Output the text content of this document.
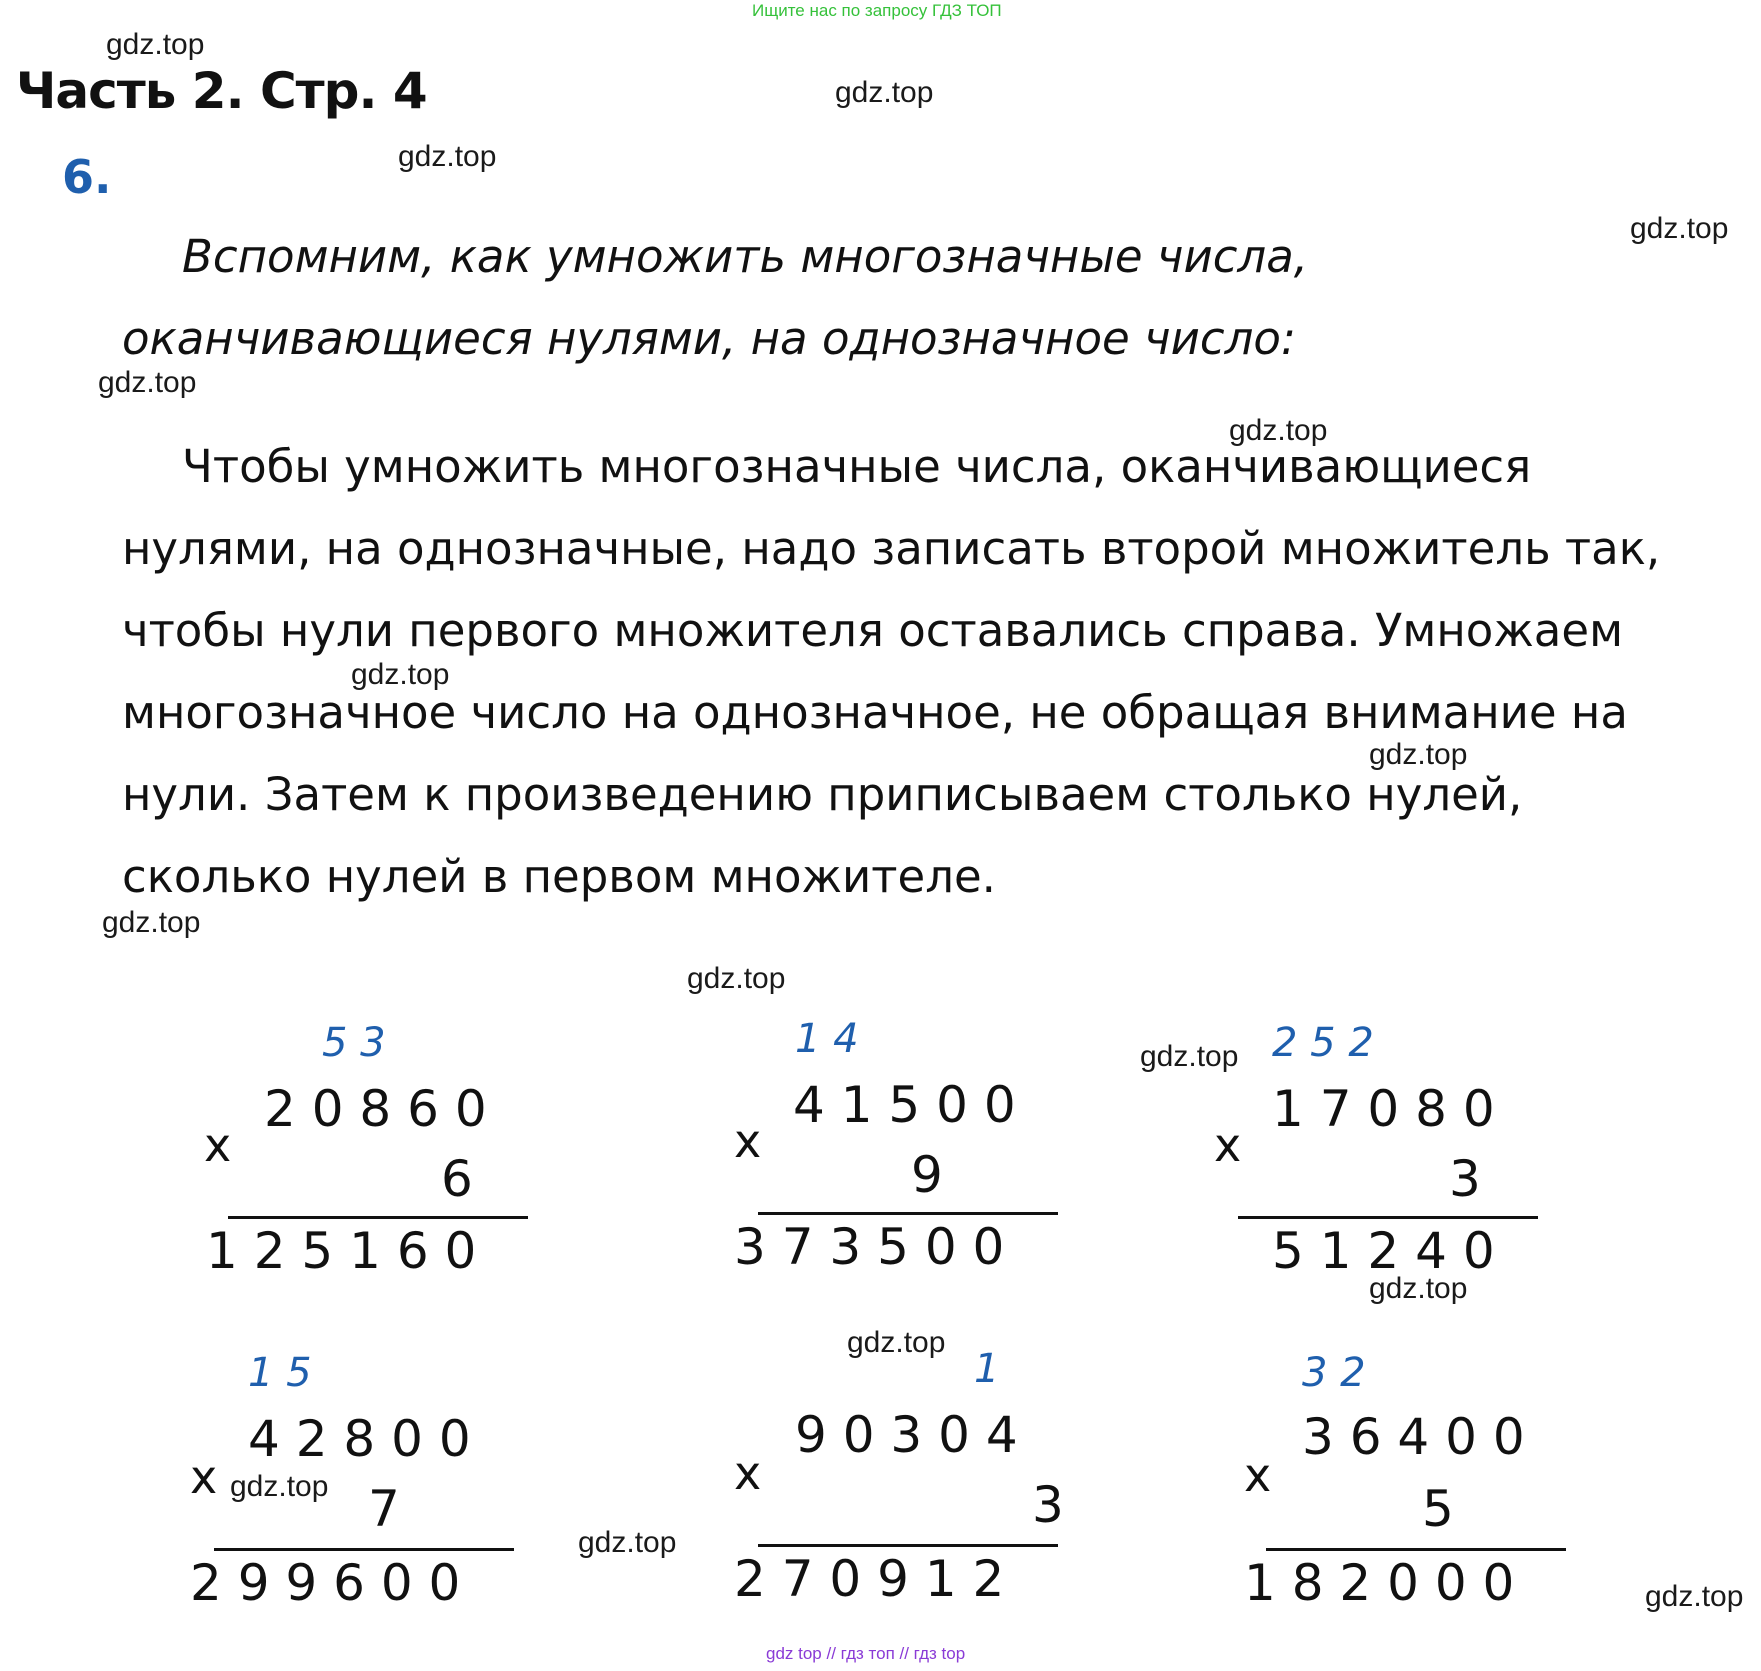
Ищите нас по запросу ГДЗ ТОП
gdz top // гдз топ // гдз top
gdz.top
gdz.top
gdz.top
gdz.top
gdz.top
gdz.top
gdz.top
gdz.top
gdz.top
gdz.top
gdz.top
gdz.top
gdz.top
gdz.top
gdz.top
gdz.top
Часть 2. Стр. 4
6.
Вспомним, как умножить многозначные числа,
оканчивающиеся нулями, на однозначное число:
Чтобы умножить многозначные числа, оканчивающиеся
нулями, на однозначные, надо записать второй множитель так,
чтобы нули первого множителя оставались справа. Умножаем
многозначное число на однозначное, не обращая внимание на
нули. Затем к произведению приписываем столько нулей,
сколько нулей в первом множителе.
5 3
2 0 8 6 0
x
6
1 2 5 1 6 0
1 4
4 1 5 0 0
x
9
3 7 3 5 0 0
2 5 2
1 7 0 8 0
x
3
5 1 2 4 0
1 5
4 2 8 0 0
x
7
2 9 9 6 0 0
1
9 0 3 0 4
x
3
2 7 0 9 1 2
3 2
3 6 4 0 0
x
5
1 8 2 0 0 0
